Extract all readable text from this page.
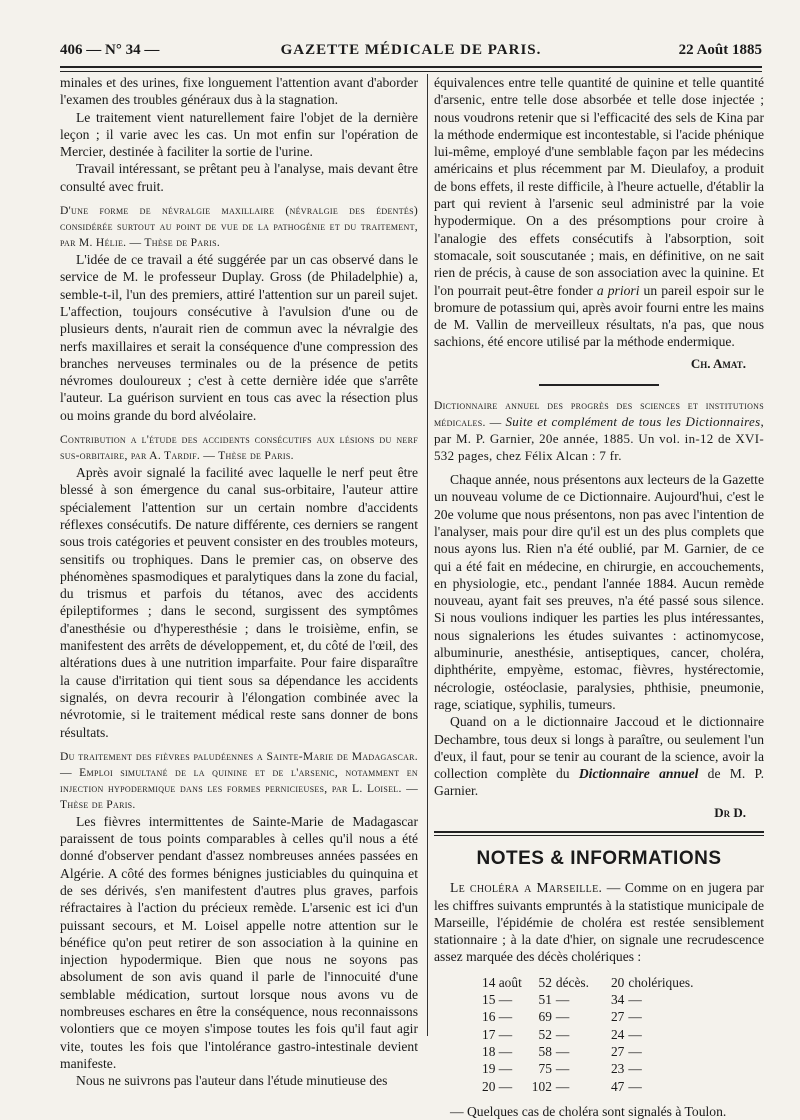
406 — N° 34 —	GAZETTE MÉDICALE DE PARIS.	22 Août 1885

minales et des urines, fixe longuement l'attention avant d'aborder l'examen des troubles généraux dus à la stagnation.

Le traitement vient naturellement faire l'objet de la dernière leçon ; il varie avec les cas. Un mot enfin sur l'opération de Mercier, destinée à faciliter la sortie de l'urine.

Travail intéressant, se prêtant peu à l'analyse, mais devant être consulté avec fruit.

D'une forme de névralgie maxillaire (névralgie des édentés) considérée surtout au point de vue de la pathogénie et du traitement, par M. Hélie. — Thèse de Paris.

L'idée de ce travail a été suggérée par un cas observé dans le service de M. le professeur Duplay. Gross (de Philadelphie) a, semble-t-il, l'un des premiers, attiré l'attention sur un pareil sujet. L'affection, toujours consécutive à l'avulsion d'une ou de plusieurs dents, n'aurait rien de commun avec la névralgie des nerfs maxillaires et serait la conséquence d'une compression des branches nerveuses terminales ou de la présence de petits névromes douloureux ; c'est à cette dernière idée que s'arrête l'auteur. La guérison survient en tous cas avec la résection plus ou moins grande du bord alvéolaire.

Contribution a l'étude des accidents consécutifs aux lésions du nerf sus-orbitaire, par A. Tardif. — Thèse de Paris.

Après avoir signalé la facilité avec laquelle le nerf peut être blessé à son émergence du canal sus-orbitaire, l'auteur attire spécialement l'attention sur un certain nombre d'accidents réflexes consécutifs. De nature différente, ces derniers se rangent sous trois catégories et peuvent consister en des troubles moteurs, sensitifs ou trophiques. Dans le premier cas, on observe des phénomènes spasmodiques et paralytiques dans la zone du facial, du trismus et parfois du tétanos, avec des accidents épileptiformes ; dans le second, surgissent des symptômes d'anesthésie ou d'hyperesthésie ; dans le troisième, enfin, se manifestent des arrêts de développement, et, du côté de l'œil, des altérations dues à une nutrition imparfaite. Pour faire disparaître la cause d'irritation qui tient sous sa dépendance les accidents signalés, on devra recourir à l'élongation combinée avec la névrotomie, si le traitement médical reste sans donner de bons résultats.

Du traitement des fièvres paludéennes a Sainte-Marie de Madagascar. — Emploi simultané de la quinine et de l'arsenic, notamment en injection hypodermique dans les formes pernicieuses, par L. Loisel. — Thèse de Paris.

Les fièvres intermittentes de Sainte-Marie de Madagascar paraissent de tous points comparables à celles qu'il nous a été donné d'observer pendant d'assez nombreuses années passées en Algérie. A côté des formes bénignes justiciables du quinquina et de ses dérivés, s'en manifestent d'autres plus graves, parfois réfractaires à l'action du précieux remède. L'arsenic est ici d'un puissant secours, et M. Loisel appelle notre attention sur le bénéfice qu'on peut retirer de son association à la quinine en injection hypodermique. Bien que nous ne soyons pas absolument de son avis quand il parle de l'innocuité d'une semblable médication, surtout lorsque nous avons vu de nombreuses eschares en être la conséquence, nous reconnaissons volontiers que ce moyen s'impose toutes les fois qu'il faut agir vite, toutes les fois que l'intolérance gastro-intestinale devient manifeste.

Nous ne suivrons pas l'auteur dans l'étude minutieuse des

équivalences entre telle quantité de quinine et telle quantité d'arsenic, entre telle dose absorbée et telle dose injectée ; nous voudrons retenir que si l'efficacité des sels de Kina par la méthode endermique est incontestable, si l'acide phénique lui-même, employé d'une semblable façon par les médecins américains et plus récemment par M. Dieulafoy, a produit de bons effets, il reste difficile, à l'heure actuelle, d'établir la part qui revient à l'arsenic seul administré par la voie hypodermique. On a des présomptions pour croire à l'analogie des effets consécutifs à l'absorption, soit stomacale, soit souscutanée ; mais, en définitive, on ne sait rien de précis, à cause de son association avec la quinine. Et l'on pourrait peut-être fonder a priori un pareil espoir sur le bromure de potassium qui, après avoir fourni entre les mains de M. Vallin de merveilleux résultats, n'a pas, que nous sachions, été encore utilisé par la méthode endermique.

Ch. Amat.

Dictionnaire annuel des progrès des sciences et institutions médicales. — Suite et complément de tous les Dictionnaires, par M. P. Garnier, 20e année, 1885. Un vol. in-12 de XVI-532 pages, chez Félix Alcan : 7 fr.

Chaque année, nous présentons aux lecteurs de la Gazette un nouveau volume de ce Dictionnaire. Aujourd'hui, c'est le 20e volume que nous présentons, non pas avec l'intention de l'analyser, mais pour dire qu'il est un des plus complets que nous ayons lus. Rien n'a été oublié, par M. Garnier, de ce qui a été fait en médecine, en chirurgie, en accouchements, en physiologie, etc., pendant l'année 1884. Aucun remède nouveau, ayant fait ses preuves, n'a été passé sous silence. Si nous voulions indiquer les parties les plus intéressantes, nous signalerions les études suivantes : actinomycose, albuminurie, anesthésie, antiseptiques, cancer, choléra, diphthérite, empyème, estomac, fièvres, hystérectomie, nécrologie, ostéoclasie, paralysies, phthisie, pneumonie, rage, sciatique, syphilis, tumeurs.

Quand on a le dictionnaire Jaccoud et le dictionnaire Dechambre, tous deux si longs à paraître, ou seulement l'un d'eux, il faut, pour se tenir au courant de la science, avoir la collection complète du Dictionnaire annuel de M. P. Garnier.

Dr D.
NOTES & INFORMATIONS

Le choléra a Marseille. — Comme on en jugera par les chiffres suivants empruntés à la statistique municipale de Marseille, l'épidémie de choléra est restée sensiblement stationnaire ; à la date d'hier, on signale une recrudescence assez marquée des décès cholériques :

14 août	52	décès.	20	cholériques.
15 —	51	—	34	—
16 —	69	—	27	—
17 —	52	—	24	—
18 —	58	—	27	—
19 —	75	—	23	—
20 —	102	—	47	—

— Quelques cas de choléra sont signalés à Toulon.
